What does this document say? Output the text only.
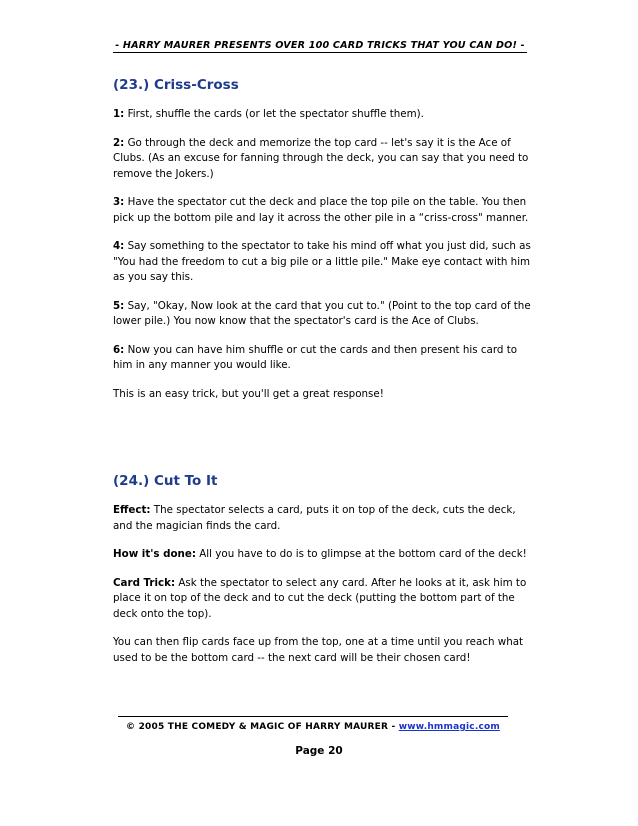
- HARRY MAURER PRESENTS OVER 100 CARD TRICKS THAT YOU CAN DO! -
(23.) Criss-Cross

1: First, shuffle the cards (or let the spectator shuffle them).

2: Go through the deck and memorize the top card -- let's say it is the Ace of Clubs. (As an excuse for fanning through the deck, you can say that you need to remove the Jokers.)

3: Have the spectator cut the deck and place the top pile on the table. You then pick up the bottom pile and lay it across the other pile in a “criss-cross" manner.

4: Say something to the spectator to take his mind off what you just did, such as "You had the freedom to cut a big pile or a little pile." Make eye contact with him as you say this.

5: Say, "Okay, Now look at the card that you cut to." (Point to the top card of the lower pile.) You now know that the spectator's card is the Ace of Clubs.

6: Now you can have him shuffle or cut the cards and then present his card to him in any manner you would like.

This is an easy trick, but you'll get a great response!

(24.) Cut To It

Effect: The spectator selects a card, puts it on top of the deck, cuts the deck, and the magician finds the card.

How it's done: All you have to do is to glimpse at the bottom card of the deck!

Card Trick: Ask the spectator to select any card. After he looks at it, ask him to place it on top of the deck and to cut the deck (putting the bottom part of the deck onto the top).

You can then flip cards face up from the top, one at a time until you reach what used to be the bottom card -- the next card will be their chosen card!

© 2005 THE COMEDY & MAGIC OF HARRY MAURER - www.hmmagic.com
Page 20
